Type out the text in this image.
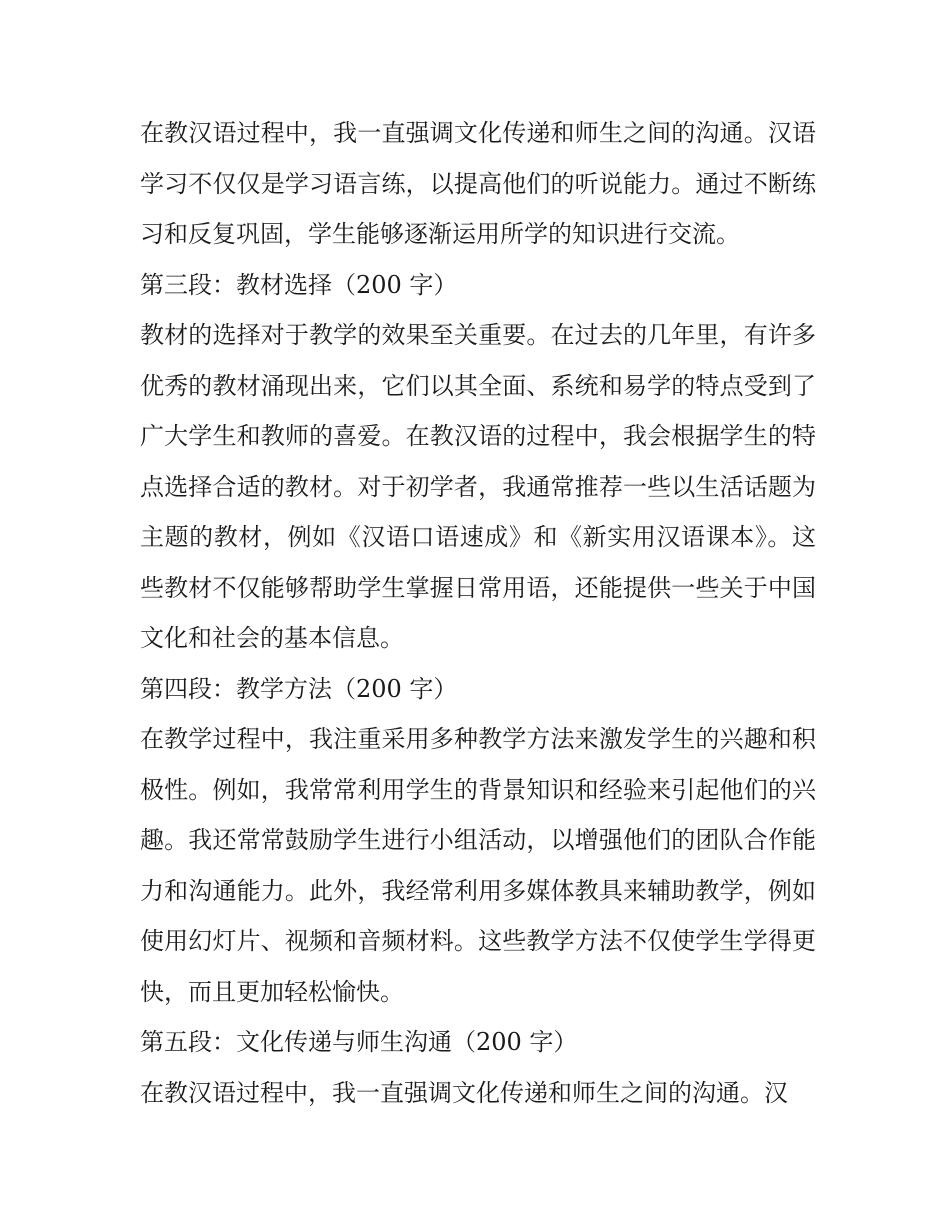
在教汉语过程中，我一直强调文化传递和师生之间的沟通。汉语学习不仅仅是学习语言练，以提高他们的听说能力。通过不断练习和反复巩固，学生能够逐渐运用所学的知识进行交流。

第三段：教材选择（200 字）

教材的选择对于教学的效果至关重要。在过去的几年里，有许多优秀的教材涌现出来，它们以其全面、系统和易学的特点受到了广大学生和教师的喜爱。在教汉语的过程中，我会根据学生的特点选择合适的教材。对于初学者，我通常推荐一些以生活话题为主题的教材，例如《汉语口语速成》和《新实用汉语课本》。这些教材不仅能够帮助学生掌握日常用语，还能提供一些关于中国文化和社会的基本信息。

第四段：教学方法（200 字）

在教学过程中，我注重采用多种教学方法来激发学生的兴趣和积极性。例如，我常常利用学生的背景知识和经验来引起他们的兴趣。我还常常鼓励学生进行小组活动，以增强他们的团队合作能力和沟通能力。此外，我经常利用多媒体教具来辅助教学，例如使用幻灯片、视频和音频材料。这些教学方法不仅使学生学得更快，而且更加轻松愉快。

第五段：文化传递与师生沟通（200 字）

在教汉语过程中，我一直强调文化传递和师生之间的沟通。汉
